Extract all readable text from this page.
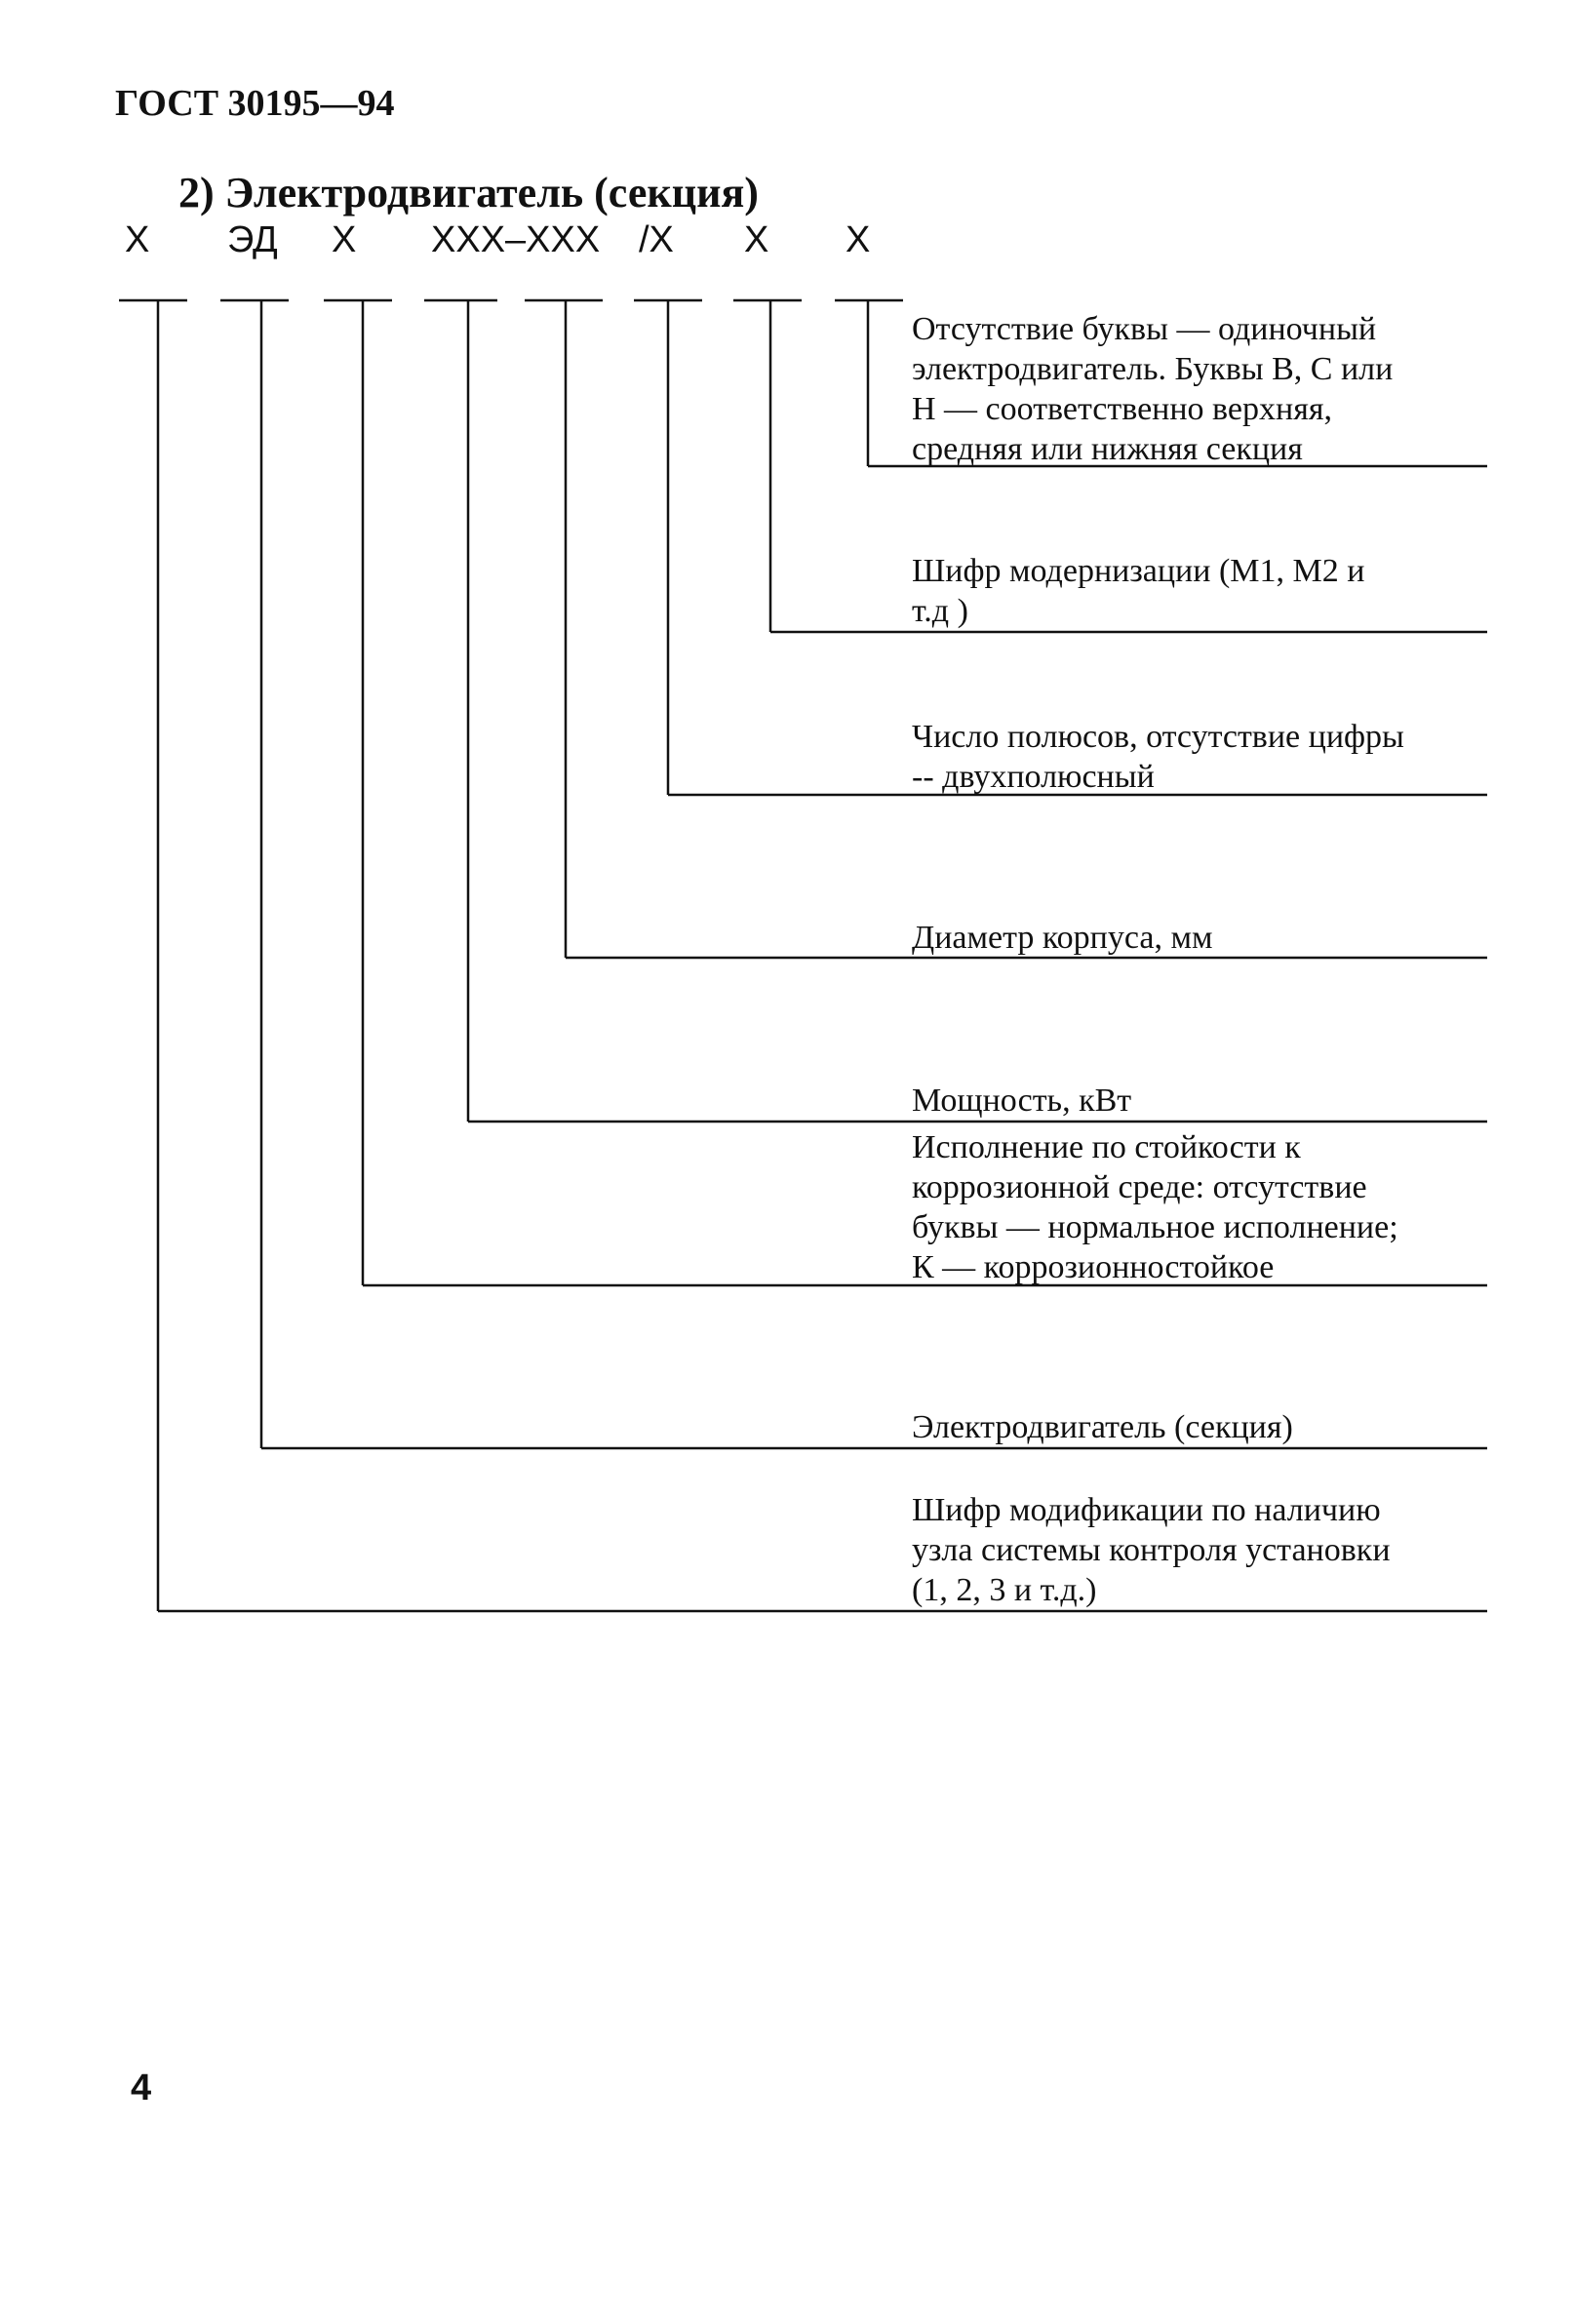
ГОСТ 30195—94
2) Электродвигатель (секция)
X ЭД X XXX–XXX /X X X
Отсутствие буквы — одиночный
электродвигатель. Буквы В, С или
Н — соответственно верхняя,
средняя или нижняя секция
Шифр модернизации (М1, М2 и
т.д )
Число полюсов, отсутствие цифры
-- двухполюсный
Диаметр корпуса, мм
Мощность, кВт
Исполнение по стойкости к
коррозионной среде: отсутствие
буквы — нормальное исполнение;
К — коррозионностойкое
Электродвигатель (секция)
Шифр модификации по наличию
узла системы контроля установки
(1, 2, 3 и т.д.)
4
